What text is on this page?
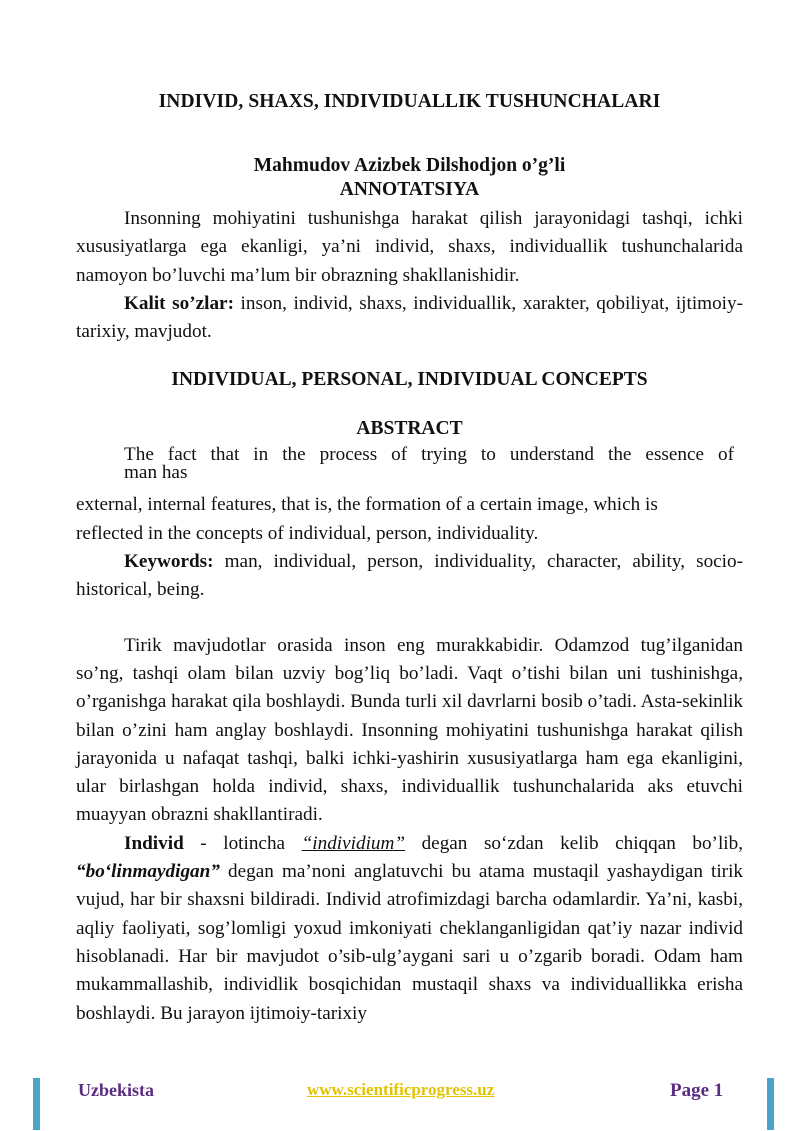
INDIVID, SHAXS, INDIVIDUALLIK TUSHUNCHALARI

Mahmudov Azizbek Dilshodjon o’g’li

ANNOTATSIYA

Insonning mohiyatini tushunishga harakat qilish jarayonidagi tashqi, ichki xususiyatlarga ega ekanligi, ya’ni individ, shaxs, individuallik tushunchalarida namoyon bo’luvchi ma’lum bir obrazning shakllanishidir.

Kalit so’zlar: inson, individ, shaxs, individuallik, xarakter, qobiliyat, ijtimoiy- tarixiy, mavjudot.

INDIVIDUAL, PERSONAL, INDIVIDUAL CONCEPTS

ABSTRACT

The fact that in the process of trying to understand the essence of
man has
external, internal features, that is, the formation of a certain image, which is
reflected in the concepts of individual, person, individuality.

Keywords: man, individual, person, individuality, character, ability, socio- historical, being.

Tirik mavjudotlar orasida inson eng murakkabidir. Odamzod tug’ilganidan so’ng, tashqi olam bilan uzviy bog’liq bo’ladi. Vaqt o’tishi bilan uni tushinishga, o’rganishga harakat qila boshlaydi. Bunda turli xil davrlarni bosib o’tadi. Asta-sekinlik bilan o’zini ham anglay boshlaydi. Insonning mohiyatini tushunishga harakat qilish jarayonida u nafaqat tashqi, balki ichki-yashirin xususiyatlarga ham ega ekanligini, ular birlashgan holda individ, shaxs, individuallik tushunchalarida aks etuvchi muayyan obrazni shakllantiradi.

Individ - lotincha “individium” degan so‘zdan kelib chiqqan bo’lib, “bo‘linmaydigan” degan ma’noni anglatuvchi bu atama mustaqil yashaydigan tirik vujud, har bir shaxsni bildiradi. Individ atrofimizdagi barcha odamlardir. Ya’ni, kasbi, aqliy faoliyati, sog’lomligi yoxud imkoniyati cheklanganligidan qat’iy nazar individ hisoblanadi. Har bir mavjudot o’sib-ulg’aygani sari u o’zgarib boradi. Odam ham mukammallashib, individlik bosqichidan mustaqil shaxs va individuallikka erisha boshlaydi. Bu jarayon ijtimoiy-tarixiy

Uzbekista	www.scientificprogress.uz	Page 1
